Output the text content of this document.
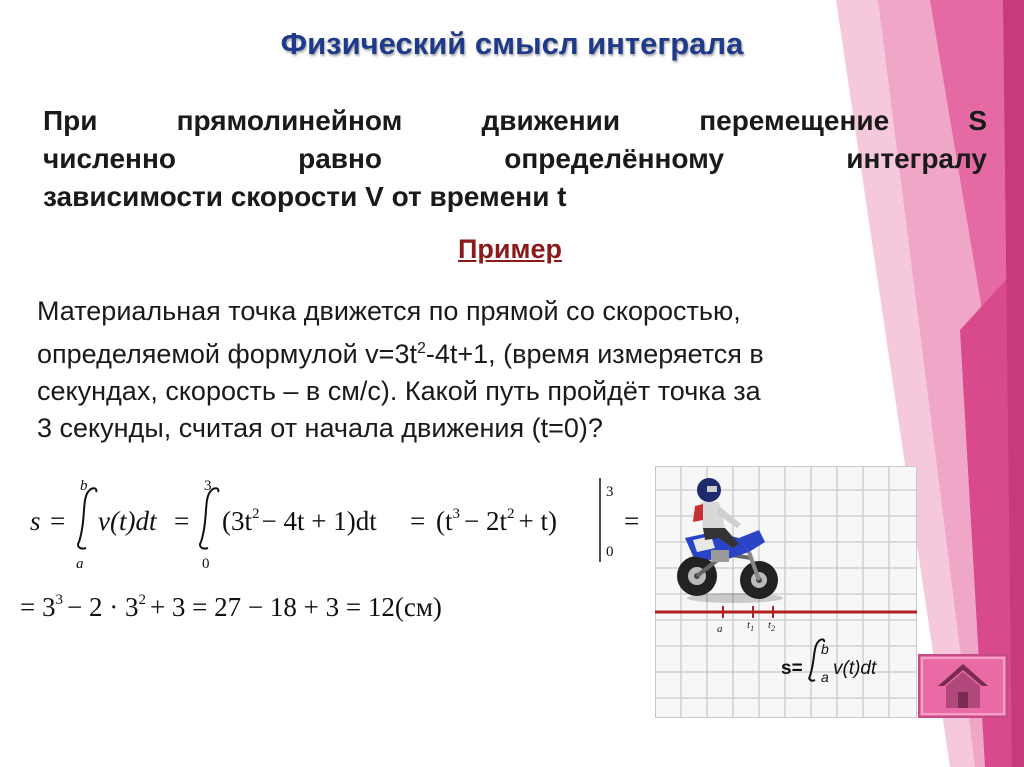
Физический смысл интеграла
При прямолинейном движении перемещение S
численно равно определённому интегралу
зависимости скорости V от времени t
Пример
Материальная точка движется по прямой со скоростью,
определяемой формулой $v=3t^2-4t+1$, (время измеряется в
секундах, скорость – в см/с). Какой путь пройдёт точка за
3 секунды, считая от начала движения (t=0)?
s =
b
a
v(t)dt =
3
0
$(3t^2- 4t + 1)dt = (t^3 - 2t^2 + t)$
3
0
=
= $3^3 - 2 \cdot 3^2 + 3 = 27 - 18 + 3 = 12(см)$
a $t_1$ $t_2$
s=
b
a v(t)dt
